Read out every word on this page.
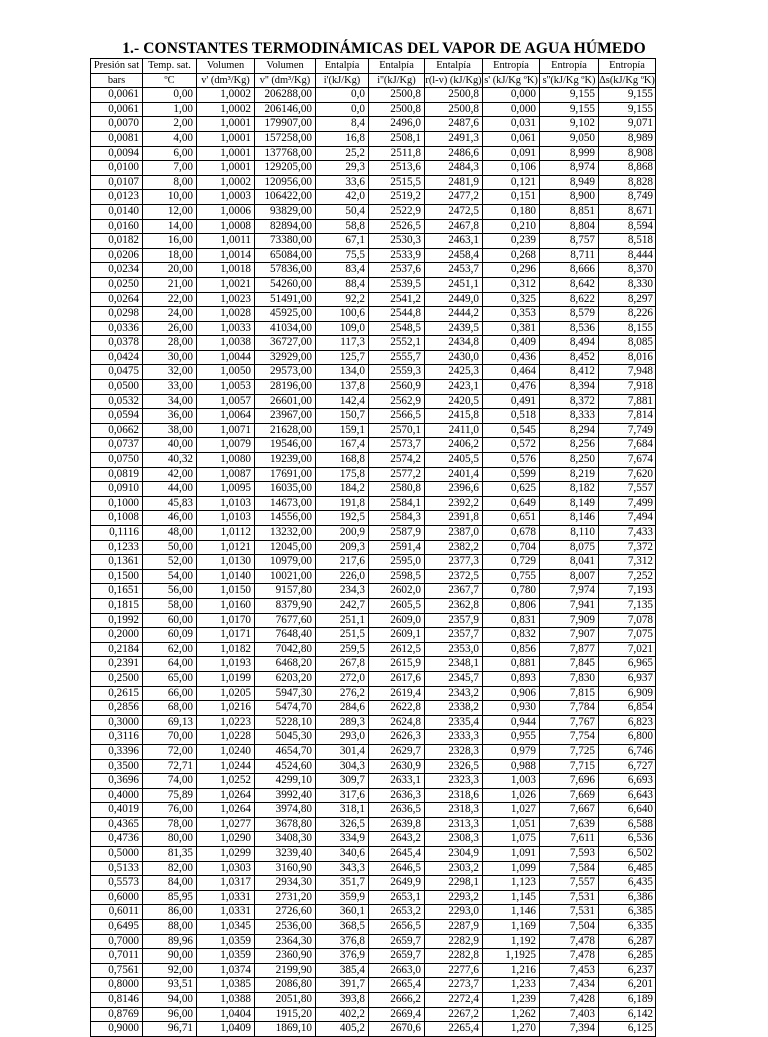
1.- CONSTANTES TERMODINÁMICAS DEL VAPOR DE AGUA HÚMEDO
Presión sat	Temp. sat.	Volumen	Volumen	Entalpía	Entalpía	Entalpía	Entropía	Entropía	Entropía
bars	ºC	v' (dm³/Kg)	v'' (dm³/Kg)	i'(kJ/Kg)	i''(kJ/Kg)	r(l-v) (kJ/Kg)	s' (kJ/Kg ºK)	s''(kJ/Kg ºK)	Δs(kJ/Kg ºK)
0,0061	0,00	1,0002	206288,00	0,0	2500,8	2500,8	0,000	9,155	9,155
0,0061	1,00	1,0002	206146,00	0,0	2500,8	2500,8	0,000	9,155	9,155
0,0070	2,00	1,0001	179907,00	8,4	2496,0	2487,6	0,031	9,102	9,071
0,0081	4,00	1,0001	157258,00	16,8	2508,1	2491,3	0,061	9,050	8,989
0,0094	6,00	1,0001	137768,00	25,2	2511,8	2486,6	0,091	8,999	8,908
0,0100	7,00	1,0001	129205,00	29,3	2513,6	2484,3	0,106	8,974	8,868
0,0107	8,00	1,0002	120956,00	33,6	2515,5	2481,9	0,121	8,949	8,828
0,0123	10,00	1,0003	106422,00	42,0	2519,2	2477,2	0,151	8,900	8,749
0,0140	12,00	1,0006	93829,00	50,4	2522,9	2472,5	0,180	8,851	8,671
0,0160	14,00	1,0008	82894,00	58,8	2526,5	2467,8	0,210	8,804	8,594
0,0182	16,00	1,0011	73380,00	67,1	2530,3	2463,1	0,239	8,757	8,518
0,0206	18,00	1,0014	65084,00	75,5	2533,9	2458,4	0,268	8,711	8,444
0,0234	20,00	1,0018	57836,00	83,4	2537,6	2453,7	0,296	8,666	8,370
0,0250	21,00	1,0021	54260,00	88,4	2539,5	2451,1	0,312	8,642	8,330
0,0264	22,00	1,0023	51491,00	92,2	2541,2	2449,0	0,325	8,622	8,297
0,0298	24,00	1,0028	45925,00	100,6	2544,8	2444,2	0,353	8,579	8,226
0,0336	26,00	1,0033	41034,00	109,0	2548,5	2439,5	0,381	8,536	8,155
0,0378	28,00	1,0038	36727,00	117,3	2552,1	2434,8	0,409	8,494	8,085
0,0424	30,00	1,0044	32929,00	125,7	2555,7	2430,0	0,436	8,452	8,016
0,0475	32,00	1,0050	29573,00	134,0	2559,3	2425,3	0,464	8,412	7,948
0,0500	33,00	1,0053	28196,00	137,8	2560,9	2423,1	0,476	8,394	7,918
0,0532	34,00	1,0057	26601,00	142,4	2562,9	2420,5	0,491	8,372	7,881
0,0594	36,00	1,0064	23967,00	150,7	2566,5	2415,8	0,518	8,333	7,814
0,0662	38,00	1,0071	21628,00	159,1	2570,1	2411,0	0,545	8,294	7,749
0,0737	40,00	1,0079	19546,00	167,4	2573,7	2406,2	0,572	8,256	7,684
0,0750	40,32	1,0080	19239,00	168,8	2574,2	2405,5	0,576	8,250	7,674
0,0819	42,00	1,0087	17691,00	175,8	2577,2	2401,4	0,599	8,219	7,620
0,0910	44,00	1,0095	16035,00	184,2	2580,8	2396,6	0,625	8,182	7,557
0,1000	45,83	1,0103	14673,00	191,8	2584,1	2392,2	0,649	8,149	7,499
0,1008	46,00	1,0103	14556,00	192,5	2584,3	2391,8	0,651	8,146	7,494
0,1116	48,00	1,0112	13232,00	200,9	2587,9	2387,0	0,678	8,110	7,433
0,1233	50,00	1,0121	12045,00	209,3	2591,4	2382,2	0,704	8,075	7,372
0,1361	52,00	1,0130	10979,00	217,6	2595,0	2377,3	0,729	8,041	7,312
0,1500	54,00	1,0140	10021,00	226,0	2598,5	2372,5	0,755	8,007	7,252
0,1651	56,00	1,0150	9157,80	234,3	2602,0	2367,7	0,780	7,974	7,193
0,1815	58,00	1,0160	8379,90	242,7	2605,5	2362,8	0,806	7,941	7,135
0,1992	60,00	1,0170	7677,60	251,1	2609,0	2357,9	0,831	7,909	7,078
0,2000	60,09	1,0171	7648,40	251,5	2609,1	2357,7	0,832	7,907	7,075
0,2184	62,00	1,0182	7042,80	259,5	2612,5	2353,0	0,856	7,877	7,021
0,2391	64,00	1,0193	6468,20	267,8	2615,9	2348,1	0,881	7,845	6,965
0,2500	65,00	1,0199	6203,20	272,0	2617,6	2345,7	0,893	7,830	6,937
0,2615	66,00	1,0205	5947,30	276,2	2619,4	2343,2	0,906	7,815	6,909
0,2856	68,00	1,0216	5474,70	284,6	2622,8	2338,2	0,930	7,784	6,854
0,3000	69,13	1,0223	5228,10	289,3	2624,8	2335,4	0,944	7,767	6,823
0,3116	70,00	1,0228	5045,30	293,0	2626,3	2333,3	0,955	7,754	6,800
0,3396	72,00	1,0240	4654,70	301,4	2629,7	2328,3	0,979	7,725	6,746
0,3500	72,71	1,0244	4524,60	304,3	2630,9	2326,5	0,988	7,715	6,727
0,3696	74,00	1,0252	4299,10	309,7	2633,1	2323,3	1,003	7,696	6,693
0,4000	75,89	1,0264	3992,40	317,6	2636,3	2318,6	1,026	7,669	6,643
0,4019	76,00	1,0264	3974,80	318,1	2636,5	2318,3	1,027	7,667	6,640
0,4365	78,00	1,0277	3678,80	326,5	2639,8	2313,3	1,051	7,639	6,588
0,4736	80,00	1,0290	3408,30	334,9	2643,2	2308,3	1,075	7,611	6,536
0,5000	81,35	1,0299	3239,40	340,6	2645,4	2304,9	1,091	7,593	6,502
0,5133	82,00	1,0303	3160,90	343,3	2646,5	2303,2	1,099	7,584	6,485
0,5573	84,00	1,0317	2934,30	351,7	2649,9	2298,1	1,123	7,557	6,435
0,6000	85,95	1,0331	2731,20	359,9	2653,1	2293,2	1,145	7,531	6,386
0,6011	86,00	1,0331	2726,60	360,1	2653,2	2293,0	1,146	7,531	6,385
0,6495	88,00	1,0345	2536,00	368,5	2656,5	2287,9	1,169	7,504	6,335
0,7000	89,96	1,0359	2364,30	376,8	2659,7	2282,9	1,192	7,478	6,287
0,7011	90,00	1,0359	2360,90	376,9	2659,7	2282,8	1,1925	7,478	6,285
0,7561	92,00	1,0374	2199,90	385,4	2663,0	2277,6	1,216	7,453	6,237
0,8000	93,51	1,0385	2086,80	391,7	2665,4	2273,7	1,233	7,434	6,201
0,8146	94,00	1,0388	2051,80	393,8	2666,2	2272,4	1,239	7,428	6,189
0,8769	96,00	1,0404	1915,20	402,2	2669,4	2267,2	1,262	7,403	6,142
0,9000	96,71	1,0409	1869,10	405,2	2670,6	2265,4	1,270	7,394	6,125
